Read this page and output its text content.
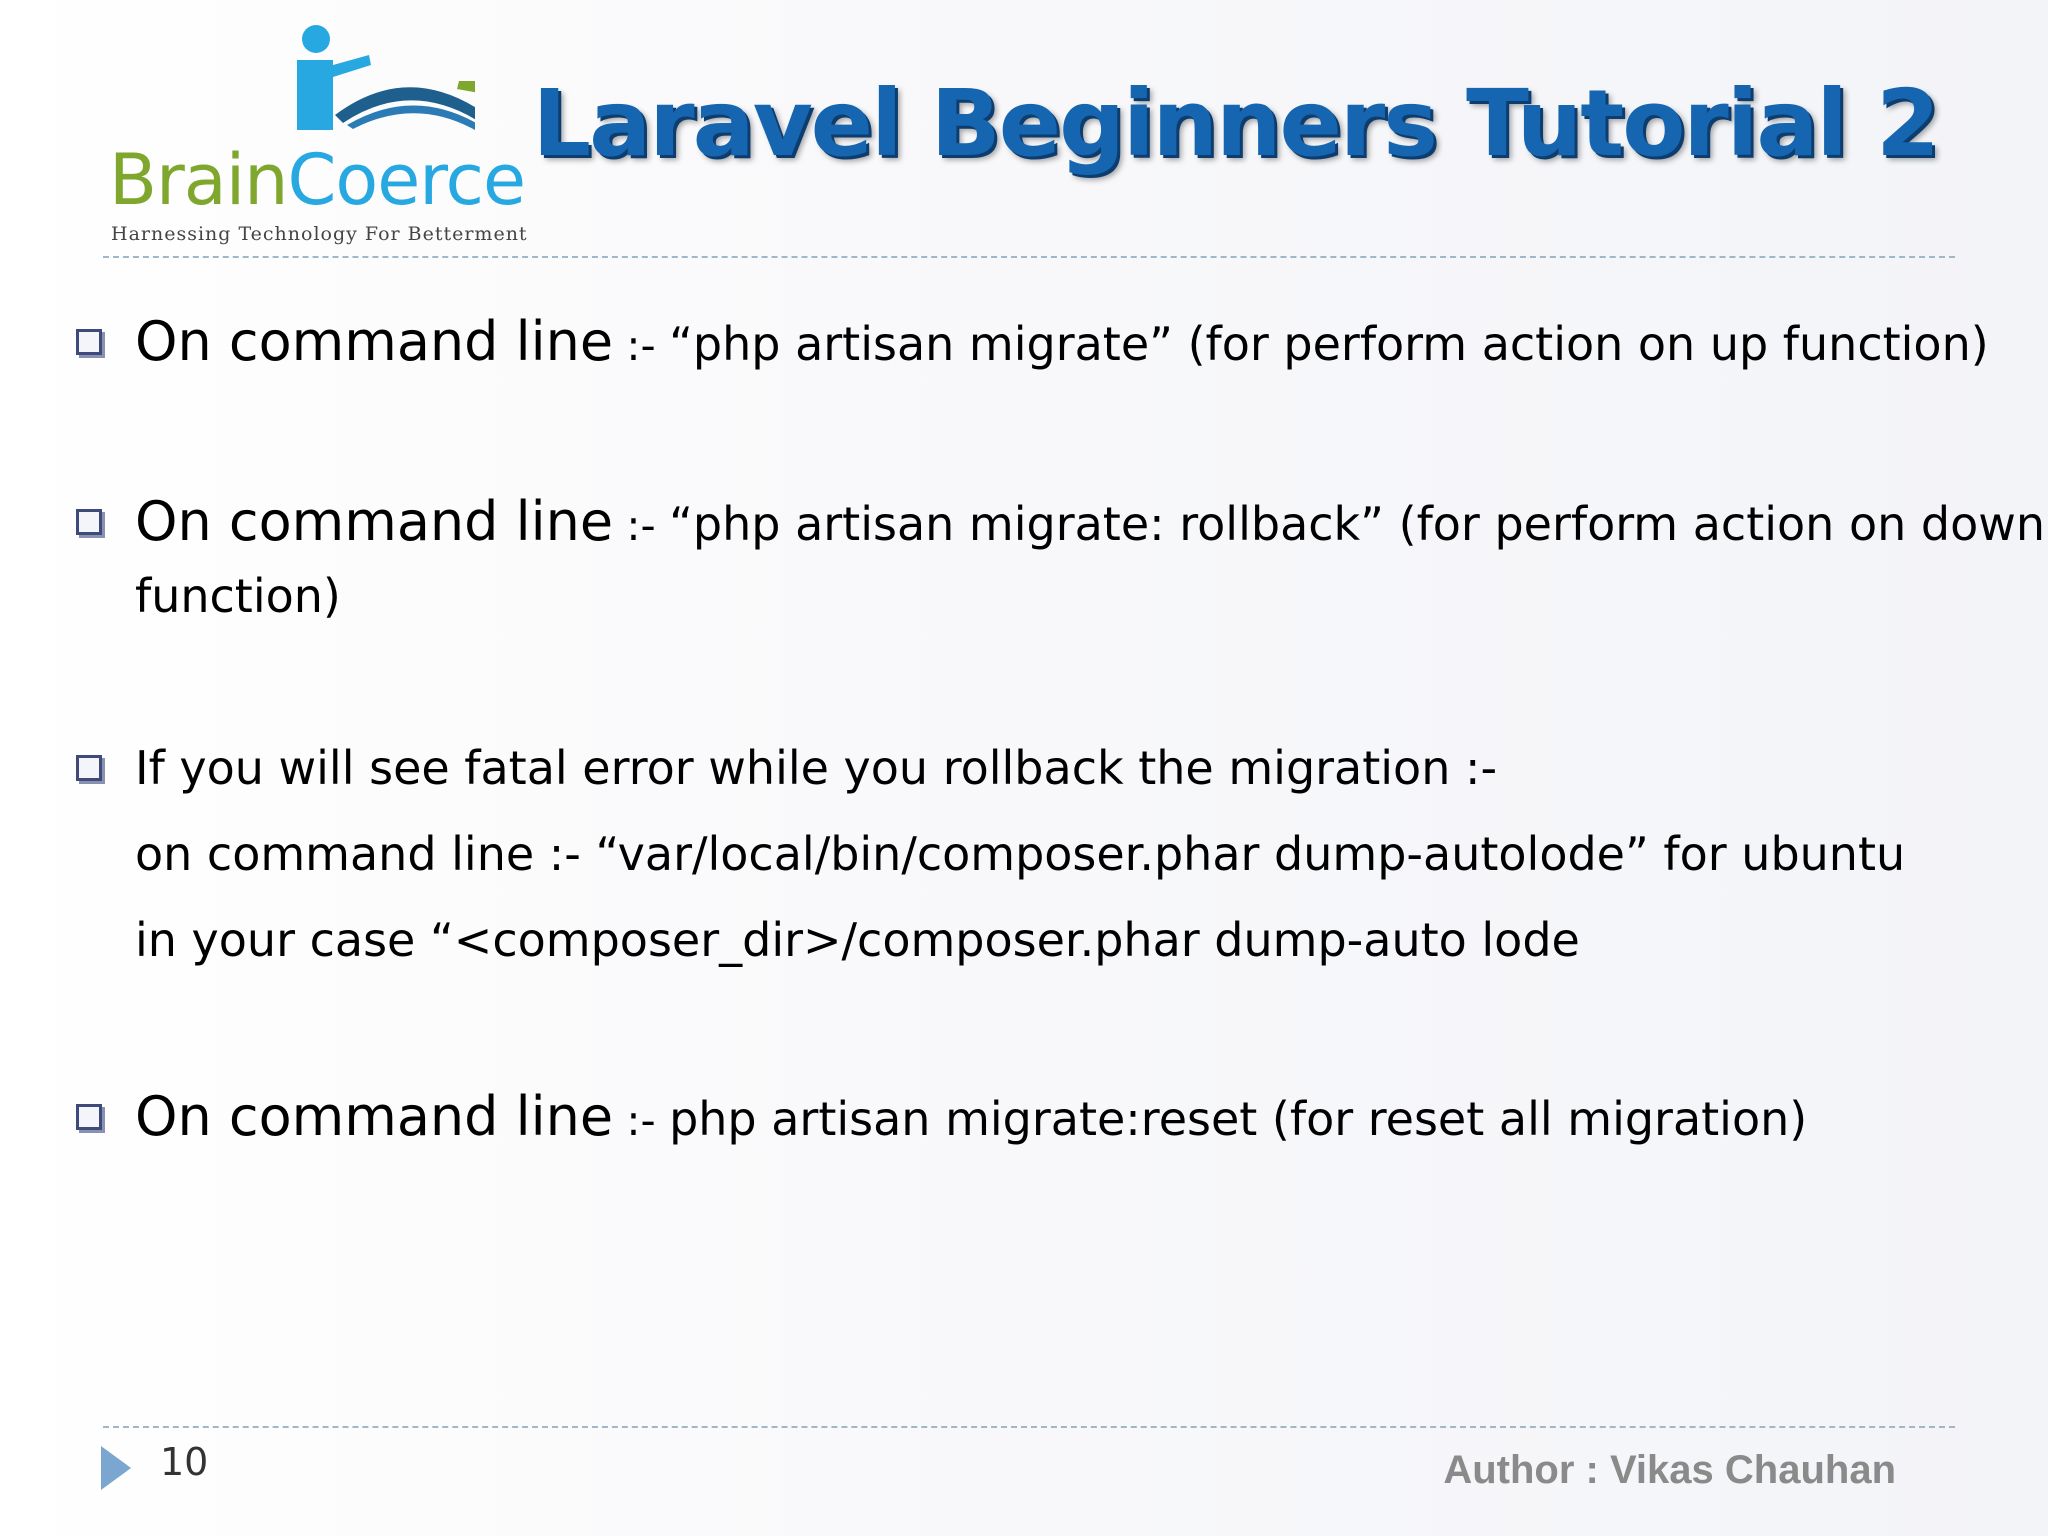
BrainCoerce
Harnessing Technology For Betterment
Laravel Beginners Tutorial 2
On command line :- “php artisan migrate” (for perform action on up function)
On command line :- “php artisan migrate: rollback” (for perform action on down
function)
If you will see fatal error while you rollback the migration :-
on command line :- “var/local/bin/composer.phar dump-autolode” for ubuntu
in your case “<composer_dir>/composer.phar dump-auto lode
On command line :- php artisan migrate:reset (for reset all migration)
10	Author : Vikas Chauhan
